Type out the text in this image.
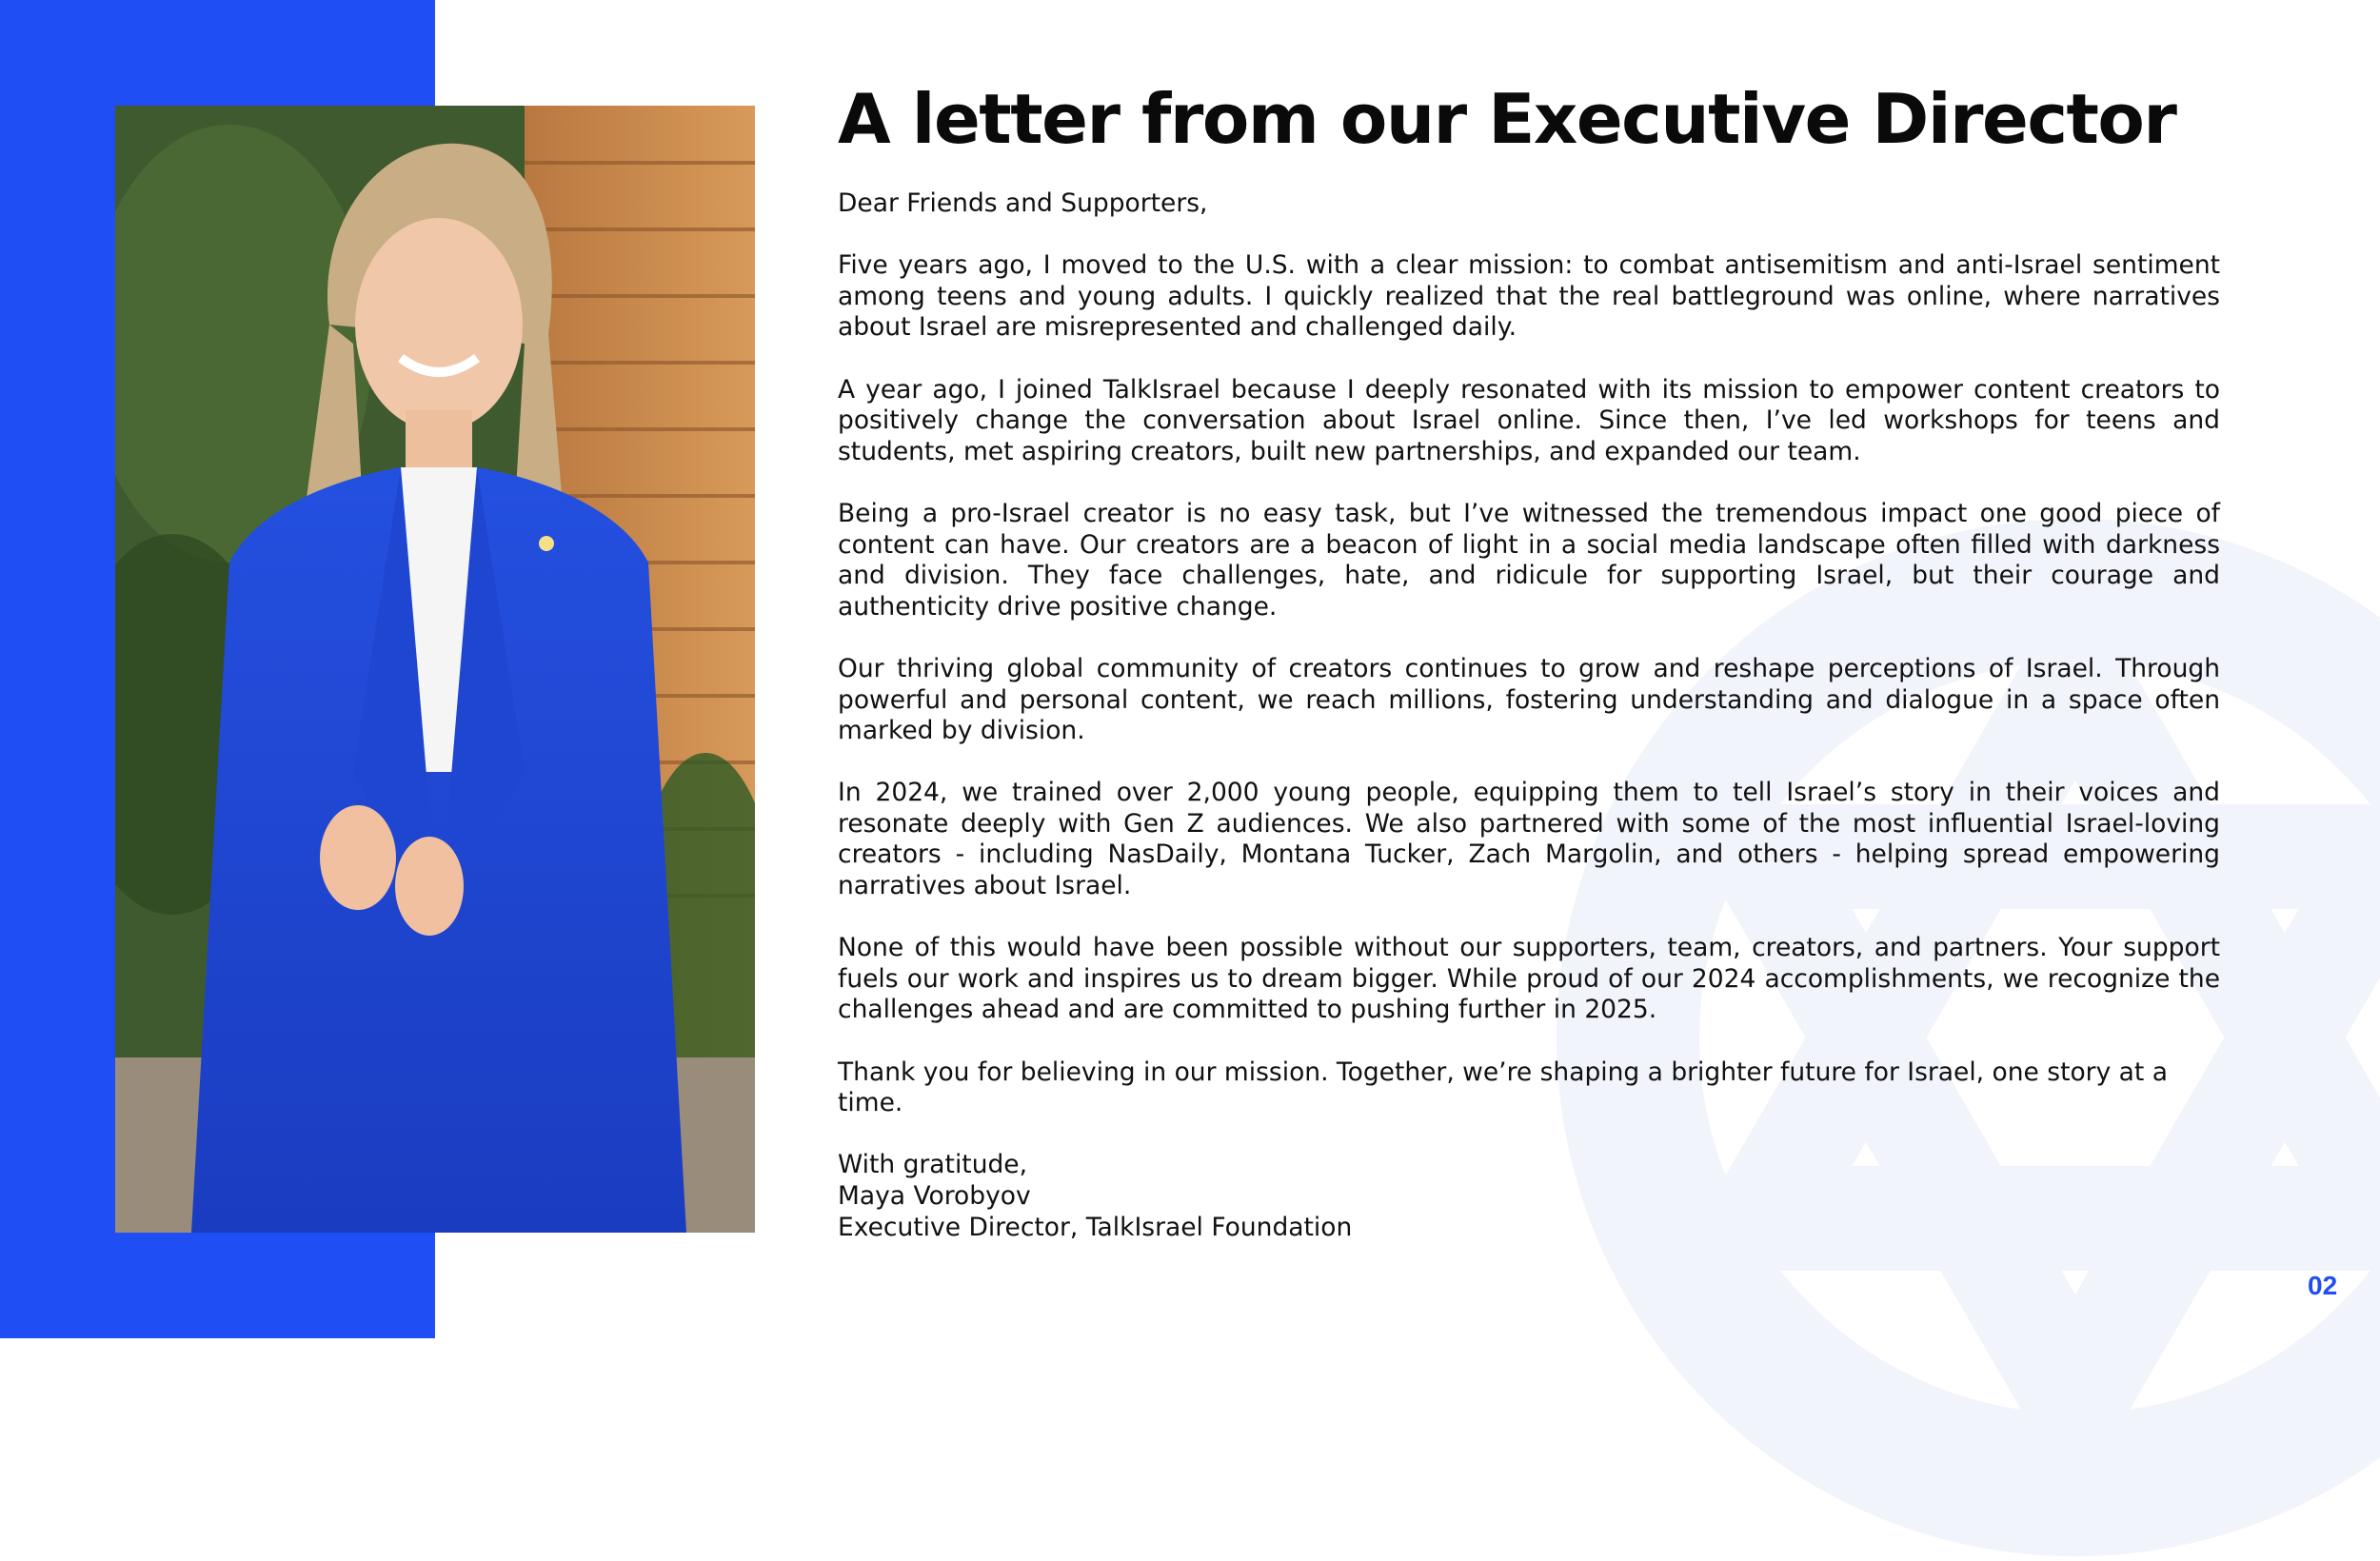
A letter from our Executive Director

Dear Friends and Supporters,

Five years ago, I moved to the U.S. with a clear mission: to combat antisemitism and anti-Israel sentiment among teens and young adults. I quickly realized that the real battleground was online, where narratives about Israel are misrepresented and challenged daily.

A year ago, I joined TalkIsrael because I deeply resonated with its mission to empower content creators to positively change the conversation about Israel online. Since then, I’ve led workshops for teens and students, met aspiring creators, built new partnerships, and expanded our team.

Being a pro-Israel creator is no easy task, but I’ve witnessed the tremendous impact one good piece of content can have. Our creators are a beacon of light in a social media landscape often filled with darkness and division. They face challenges, hate, and ridicule for supporting Israel, but their courage and authenticity drive positive change.

Our thriving global community of creators continues to grow and reshape perceptions of Israel. Through powerful and personal content, we reach millions, fostering understanding and dialogue in a space often marked by division.

In 2024, we trained over 2,000 young people, equipping them to tell Israel’s story in their voices and resonate deeply with Gen Z audiences. We also partnered with some of the most influential Israel-loving creators - including NasDaily, Montana Tucker, Zach Margolin, and others - helping spread empowering narratives about Israel.

None of this would have been possible without our supporters, team, creators, and partners. Your support fuels our work and inspires us to dream bigger. While proud of our 2024 accomplishments, we recognize the challenges ahead and are committed to pushing further in 2025.

Thank you for believing in our mission. Together, we’re shaping a brighter future for Israel, one story at a time.

With gratitude,
Maya Vorobyov
Executive Director, TalkIsrael Foundation

02
